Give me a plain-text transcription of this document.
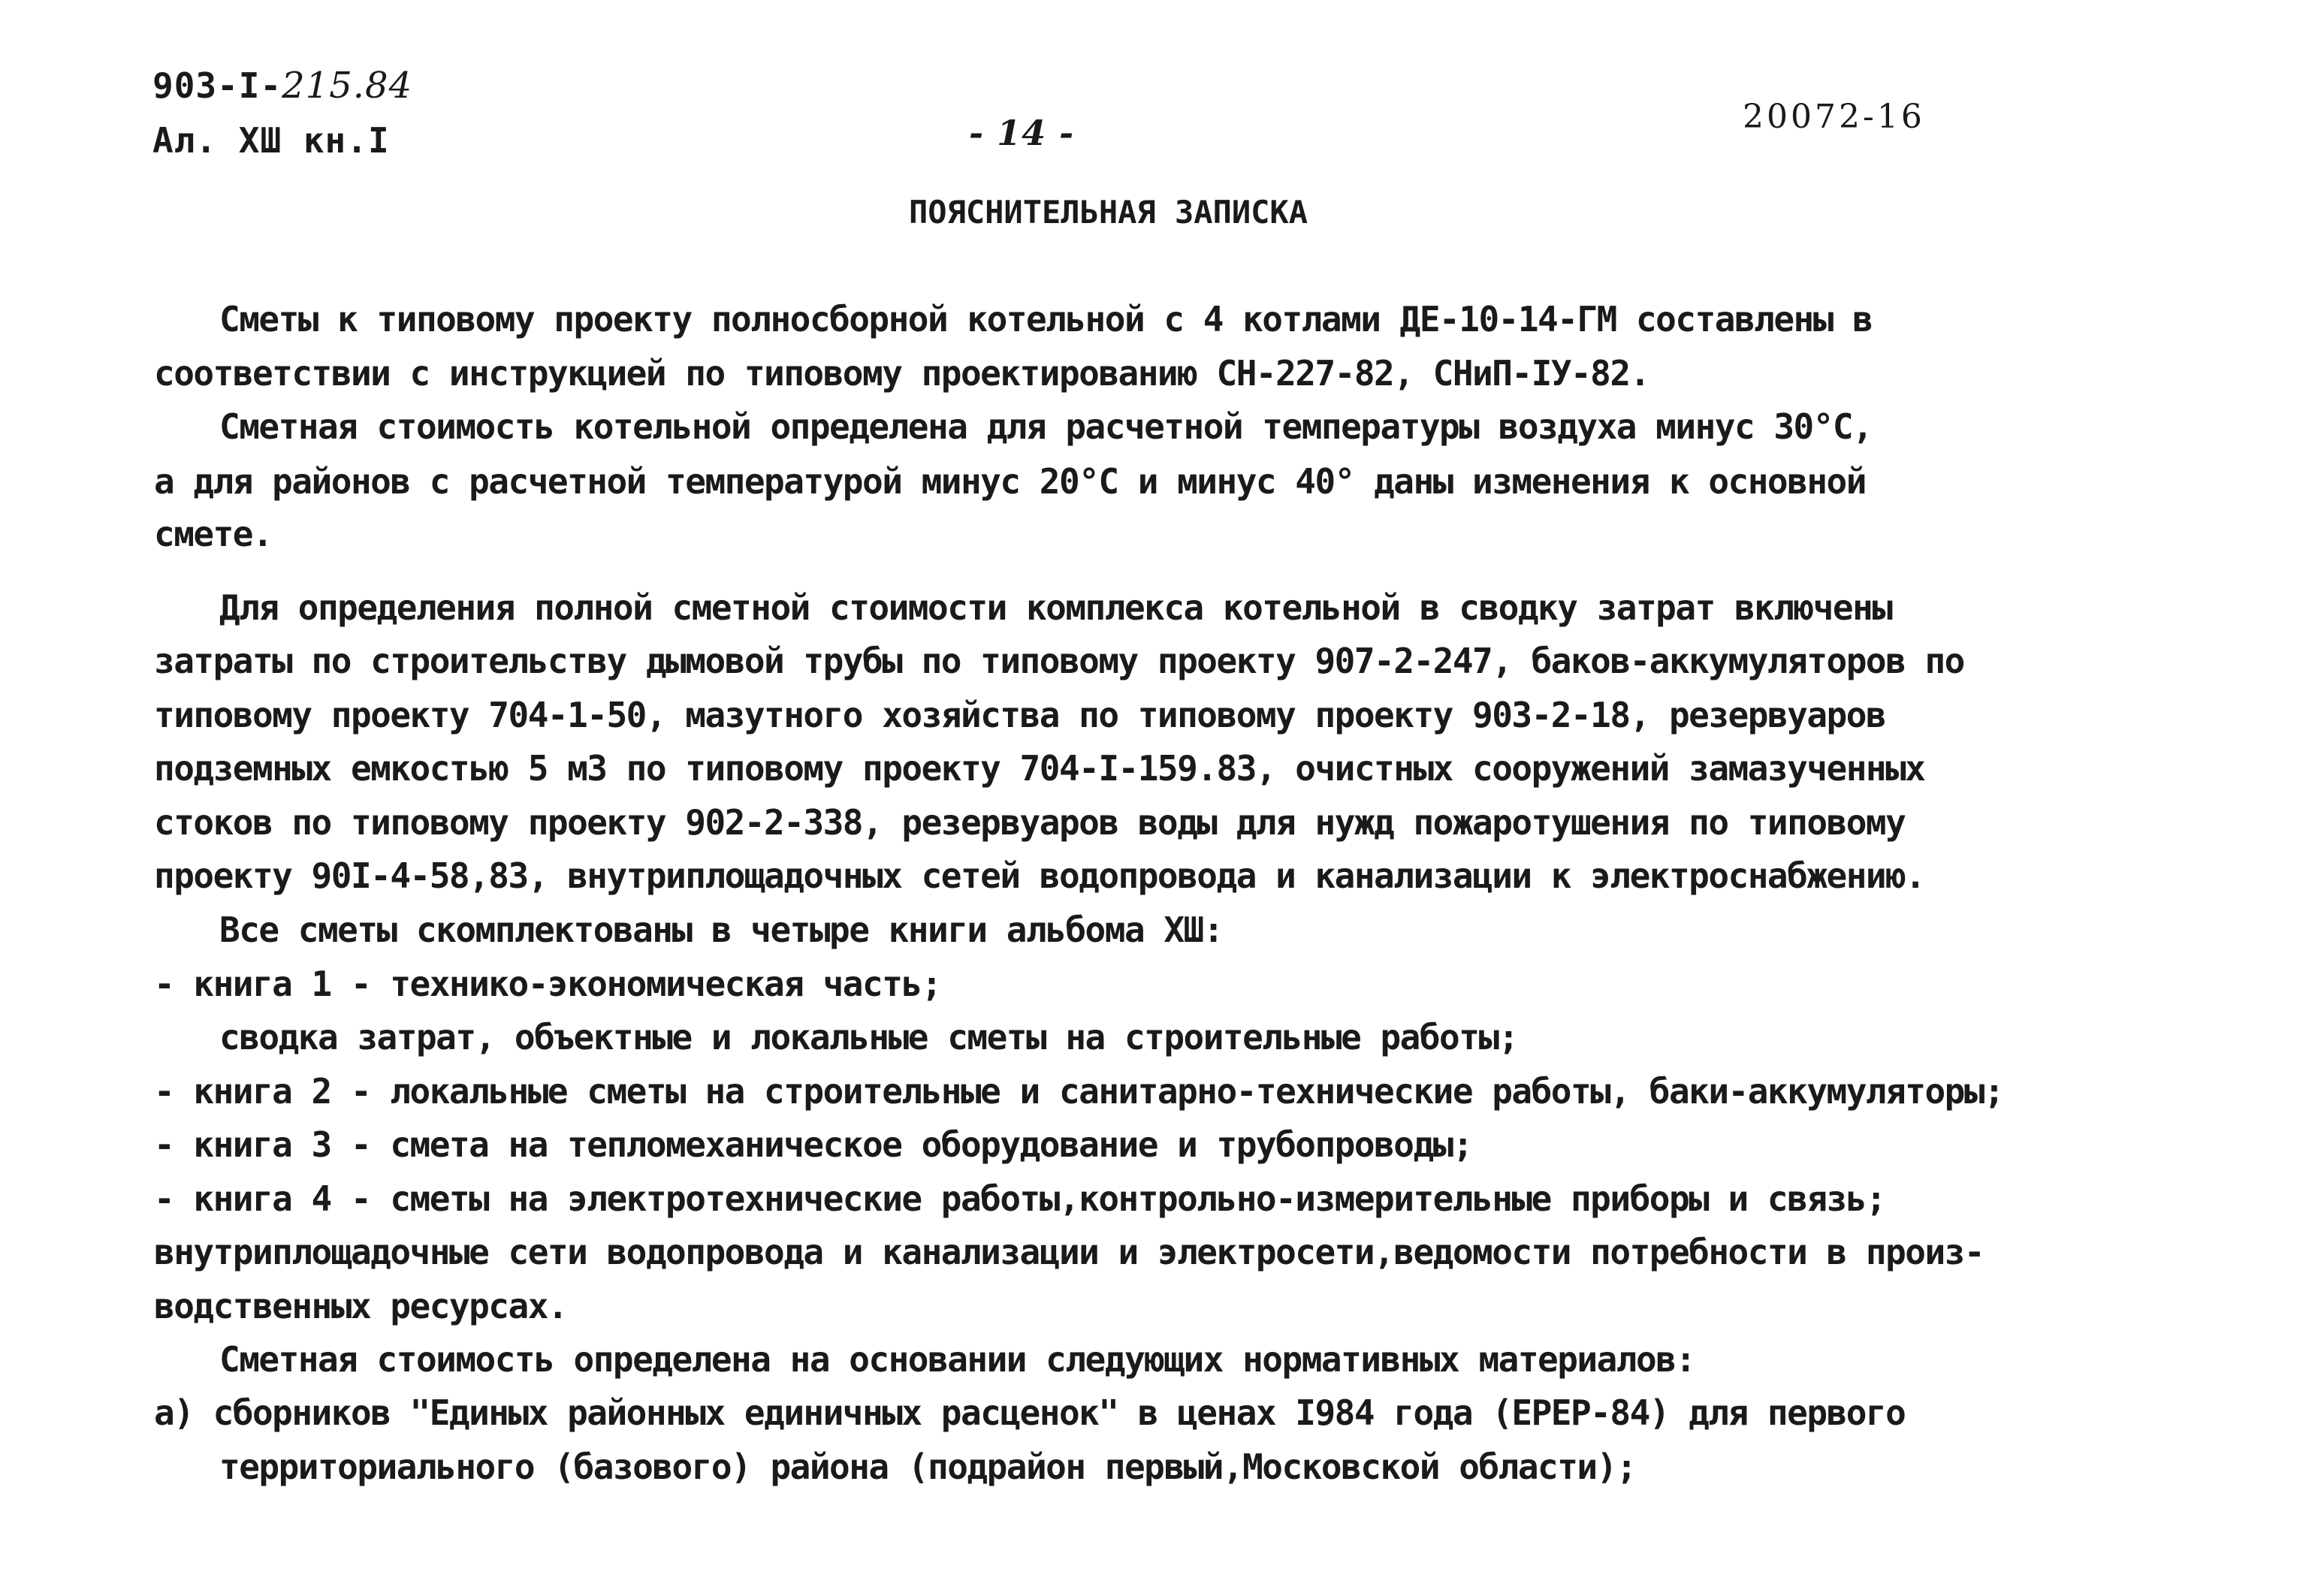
903-I-215.84
Ал. ХШ кн.I	- 14 -	20072-16
ПОЯСНИТЕЛЬНАЯ ЗАПИСКА
Сметы к типовому проекту полносборной котельной с 4 котлами ДЕ-10-14-ГМ составлены в
соответствии с инструкцией по типовому проектированию СН-227-82, СНиП-IУ-82.
Сметная стоимость котельной определена для расчетной температуры воздуха минус 30°С,
а для районов с расчетной температурой минус 20°С и минус 40° даны изменения к основной
смете.
Для определения полной сметной стоимости комплекса котельной в сводку затрат включены
затраты по строительству дымовой трубы по типовому проекту 907-2-247, баков-аккумуляторов по
типовому проекту 704-1-50, мазутного хозяйства по типовому проекту 903-2-18, резервуаров
подземных емкостью 5 м3 по типовому проекту 704-I-159.83, очистных сооружений замазученных
стоков по типовому проекту 902-2-338, резервуаров воды для нужд пожаротушения по типовому
проекту 90I-4-58,83, внутриплощадочных сетей водопровода и канализации к электроснабжению.
Все сметы скомплектованы в четыре книги альбома ХШ:
- книга 1 - технико-экономическая часть;
сводка затрат, объектные и локальные сметы на строительные работы;
- книга 2 - локальные сметы на строительные и санитарно-технические работы, баки-аккумуляторы;
- книга 3 - смета на тепломеханическое оборудование и трубопроводы;
- книга 4 - сметы на электротехнические работы,контрольно-измерительные приборы и связь;
внутриплощадочные сети водопровода и канализации и электросети,ведомости потребности в произ-
водственных ресурсах.
Сметная стоимость определена на основании следующих нормативных материалов:
а) сборников "Единых районных единичных расценок" в ценах I984 года (ЕРЕР-84) для первого
территориального (базового) района (подрайон первый,Московской области);
